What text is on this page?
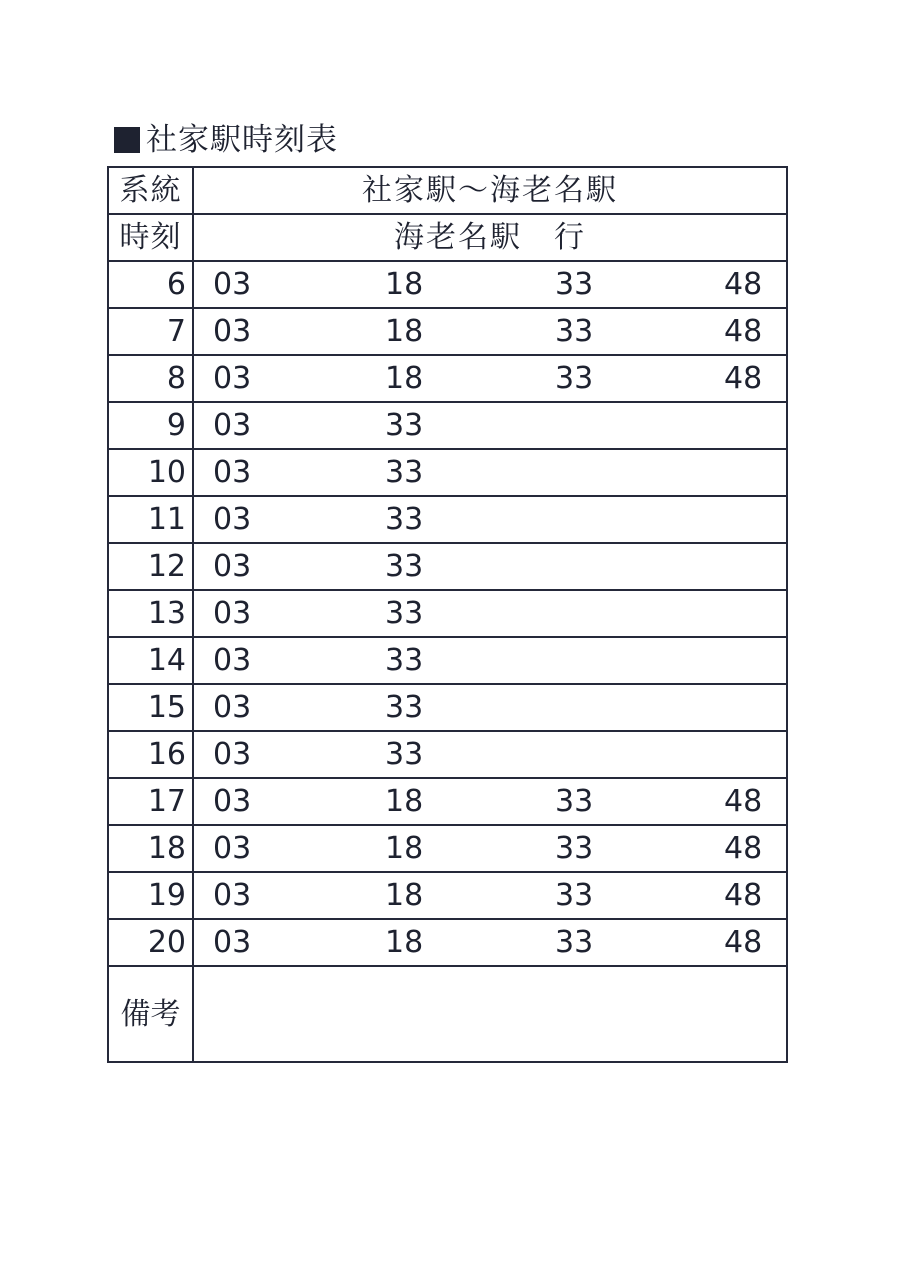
社家駅時刻表
系統	社家駅～海老名駅
時刻	海老名駅　行
6	03 18 33 48

7	03 18 33 48

8	03 18 33 48

9	03 33

10	03 33

11	03 33

12	03 33

13	03 33

14	03 33

15	03 33

16	03 33

17	03 18 33 48

18	03 18 33 48

19	03 18 33 48

20	03 18 33 48

備考	
